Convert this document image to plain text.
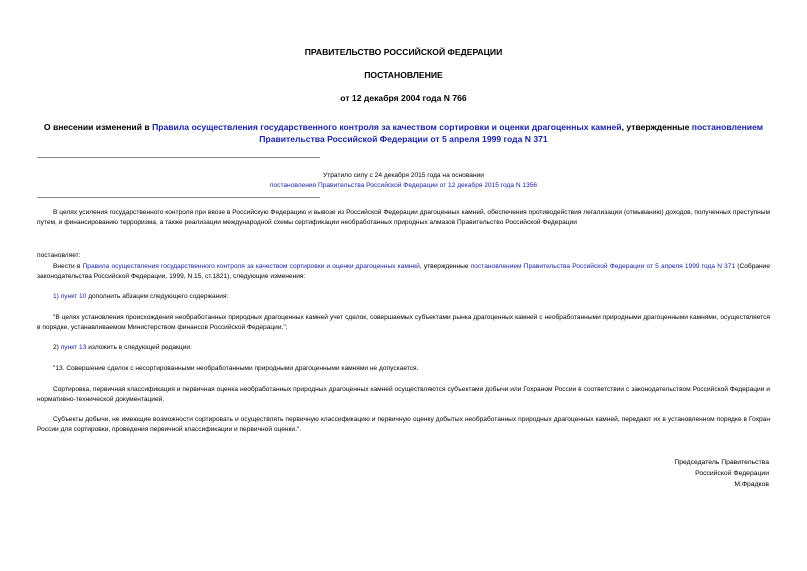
ПРАВИТЕЛЬСТВО РОССИЙСКОЙ ФЕДЕРАЦИИ
ПОСТАНОВЛЕНИЕ
от 12 декабря 2004 года N 766
О внесении изменений в Правила осуществления государственного контроля за качеством сортировки и оценки драгоценных камней, утвержденные постановлением Правительства Российской Федерации от 5 апреля 1999 года N 371
Утратило силу с 24 декабря 2015 года на основании
постановления Правительства Российской Федерации от 12 декабря 2015 года N 1356
В целях усиления государственного контроля при ввозе в Российскую Федерацию и вывозе из Российской Федерации драгоценных камней, обеспечения противодействия легализации (отмыванию) доходов, полученных преступным путем, и финансированию терроризма, а также реализации международной схемы сертификации необработанных природных алмазов Правительство Российской Федерации
постановляет:
Внести в Правила осуществления государственного контроля за качеством сортировки и оценки драгоценных камней, утвержденные постановлением Правительства Российской Федерации от 5 апреля 1999 года N 371 (Собрание законодательства Российской Федерации, 1999, N 15, ст.1821), следующие изменения:
1) пункт 10 дополнить абзацем следующего содержания:
"В целях установления происхождения необработанных природных драгоценных камней учет сделок, совершаемых субъектами рынка драгоценных камней с необработанными природными драгоценными камнями, осуществляется в порядке, устанавливаемом Министерством финансов Российской Федерации.";
2) пункт 13 изложить в следующей редакции:
"13. Совершение сделок с несортированными необработанными природными драгоценными камнями не допускается.
Сортировка, первичная классификация и первичная оценка необработанных природных драгоценных камней осуществляются субъектами добычи или Гохраном России в соответствии с законодательством Российской Федерации и нормативно-технической документацией.
Субъекты добычи, не имеющие возможности сортировать и осуществлять первичную классификацию и первичную оценку добытых необработанных природных драгоценных камней, передают их в установленном порядке в Гохран России для сортировки, проведения первичной классификации и первичной оценки.".
Председатель Правительства
Российской Федерации
М.Фрадков
